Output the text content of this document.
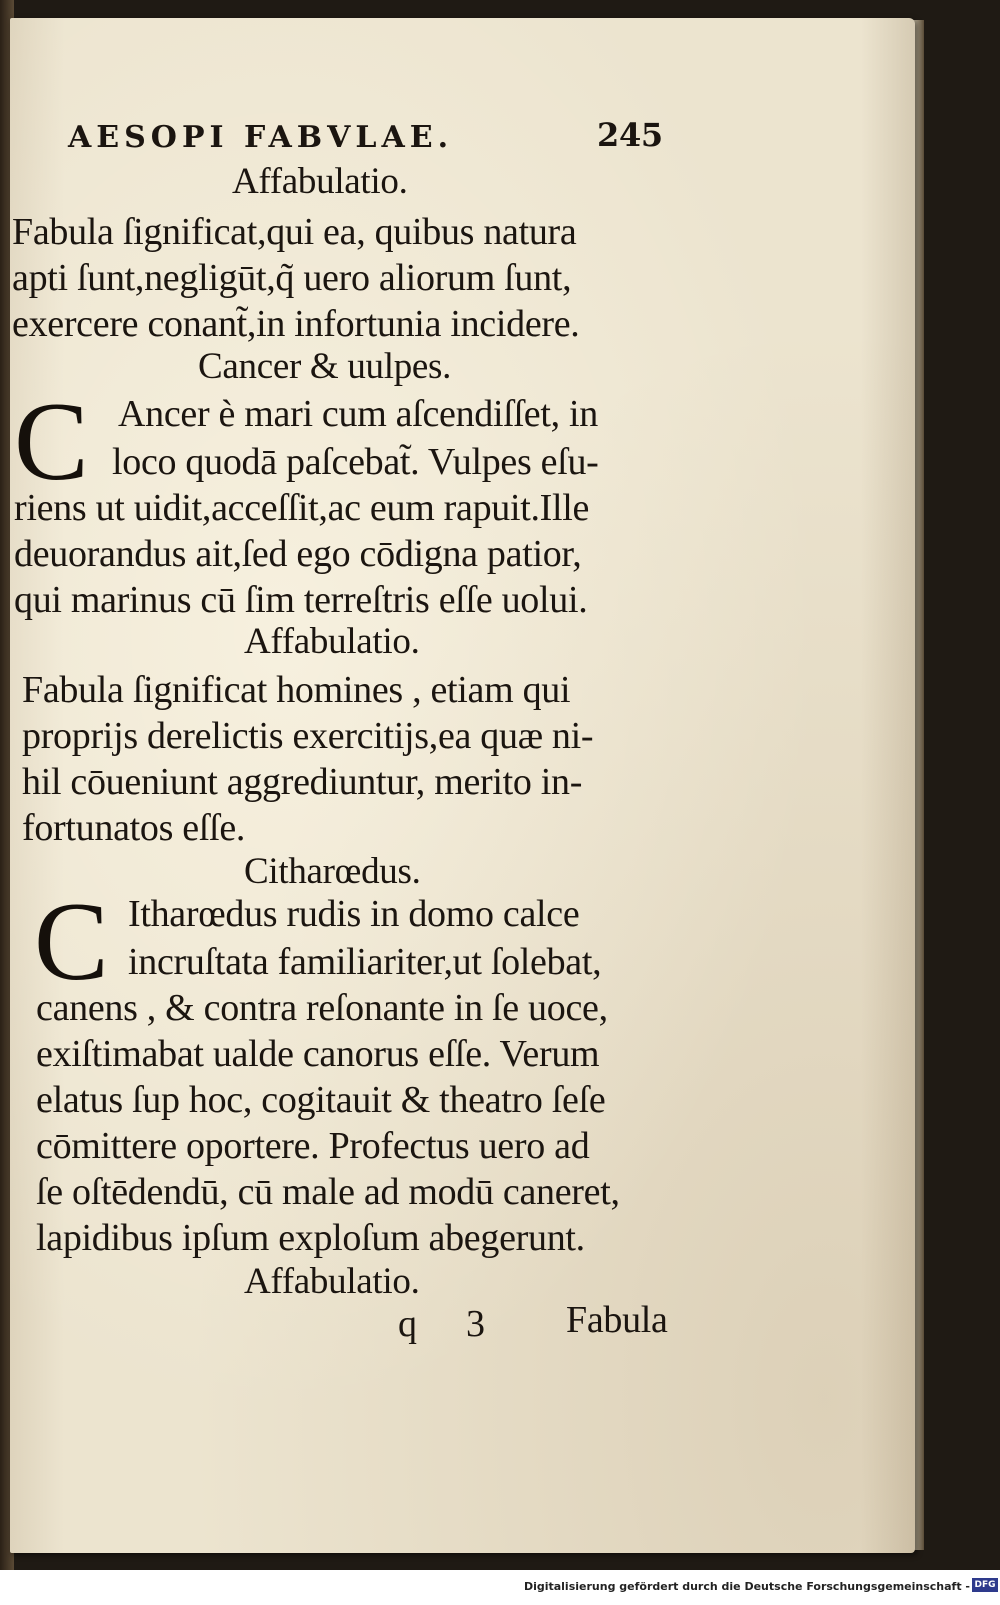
AESOPI FABVLAE.	245
Affabulatio.
Fabula ſignificat,qui ea, quibus natura
apti ſunt,negligūt,q̃ uero aliorum ſunt,
exercere conant̃,in infortunia incidere.
Cancer & uulpes.
C Ancer è mari cum aſcendiſſet, in
loco quodā paſcebat̃. Vulpes eſu-
riens ut uidit,acceſſit,ac eum rapuit.Ille
deuorandus ait,ſed ego cōdigna patior,
qui marinus cū ſim terreſtris eſſe uolui.
Affabulatio.
Fabula ſignificat homines , etiam qui
proprijs derelictis exercitijs,ea quæ ni-
hil cōueniunt aggrediuntur, merito in-
fortunatos eſſe.
Citharœdus.
C Itharœdus rudis in domo calce
incruſtata familiariter,ut ſolebat,
canens , & contra reſonante in ſe uoce,
exiſtimabat ualde canorus eſſe. Verum
elatus ſup hoc, cogitauit & theatro ſeſe
cōmittere oportere. Profectus uero ad
ſe oſtēdendū, cū male ad modū caneret,
lapidibus ipſum exploſum abegerunt.
Affabulatio.
q 3 Fabula
Digitalisierung gefördert durch die Deutsche Forschungsgemeinschaft - DFG
